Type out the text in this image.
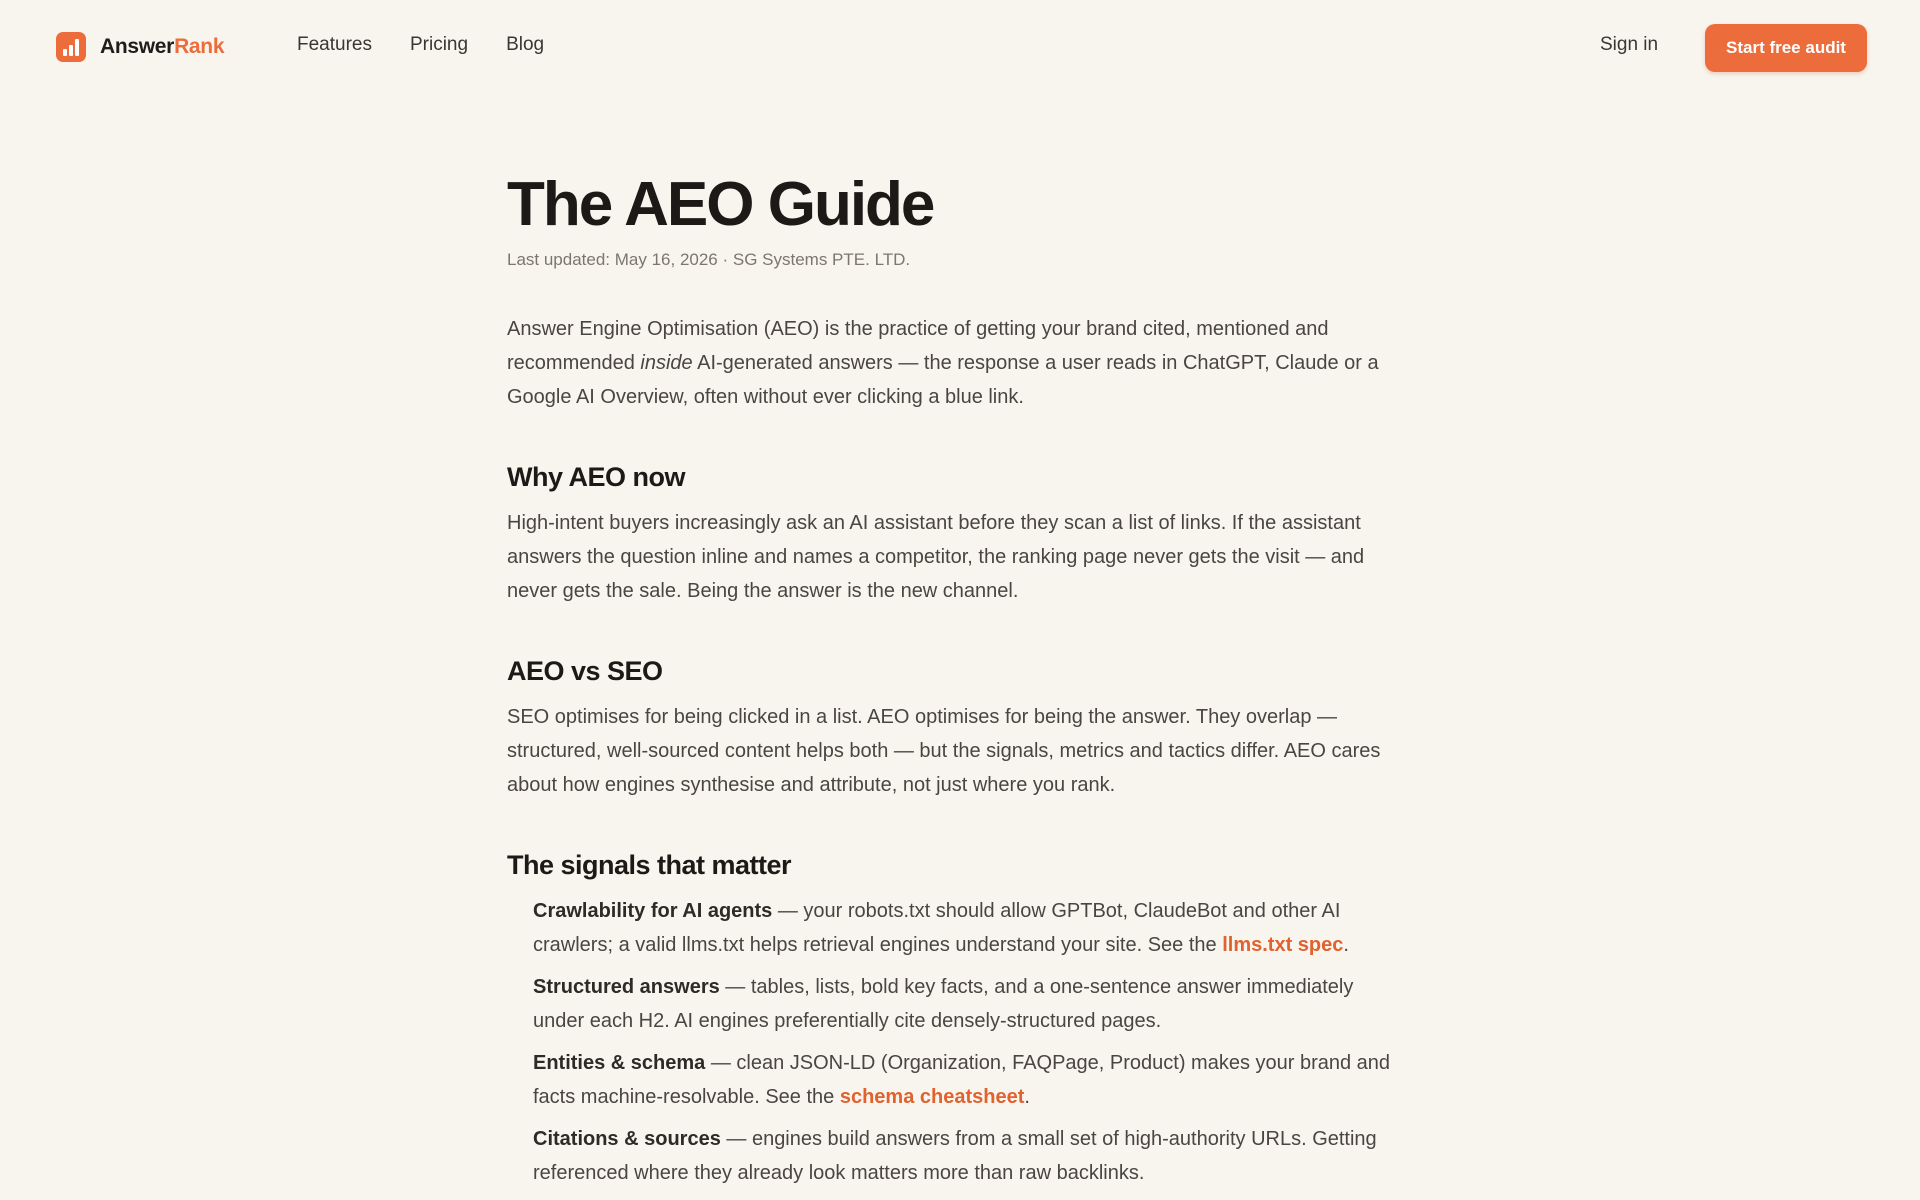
AnswerRank	Features Pricing Blog	Sign in	Start free audit
The AEO Guide
Last updated: May 16, 2026 · SG Systems PTE. LTD.

Answer Engine Optimisation (AEO) is the practice of getting your brand cited, mentioned and recommended inside AI-generated answers — the response a user reads in ChatGPT, Claude or a Google AI Overview, often without ever clicking a blue link.

Why AEO now

High-intent buyers increasingly ask an AI assistant before they scan a list of links. If the assistant answers the question inline and names a competitor, the ranking page never gets the visit — and never gets the sale. Being the answer is the new channel.

AEO vs SEO

SEO optimises for being clicked in a list. AEO optimises for being the answer. They overlap — structured, well-sourced content helps both — but the signals, metrics and tactics differ. AEO cares about how engines synthesise and attribute, not just where you rank.

The signals that matter
Crawlability for AI agents — your robots.txt should allow GPTBot, ClaudeBot and other AI crawlers; a valid llms.txt helps retrieval engines understand your site. See the llms.txt spec.
Structured answers — tables, lists, bold key facts, and a one-sentence answer immediately under each H2. AI engines preferentially cite densely-structured pages.
Entities & schema — clean JSON-LD (Organization, FAQPage, Product) makes your brand and facts machine-resolvable. See the schema cheatsheet.
Citations & sources — engines build answers from a small set of high-authority URLs. Getting referenced where they already look matters more than raw backlinks.
